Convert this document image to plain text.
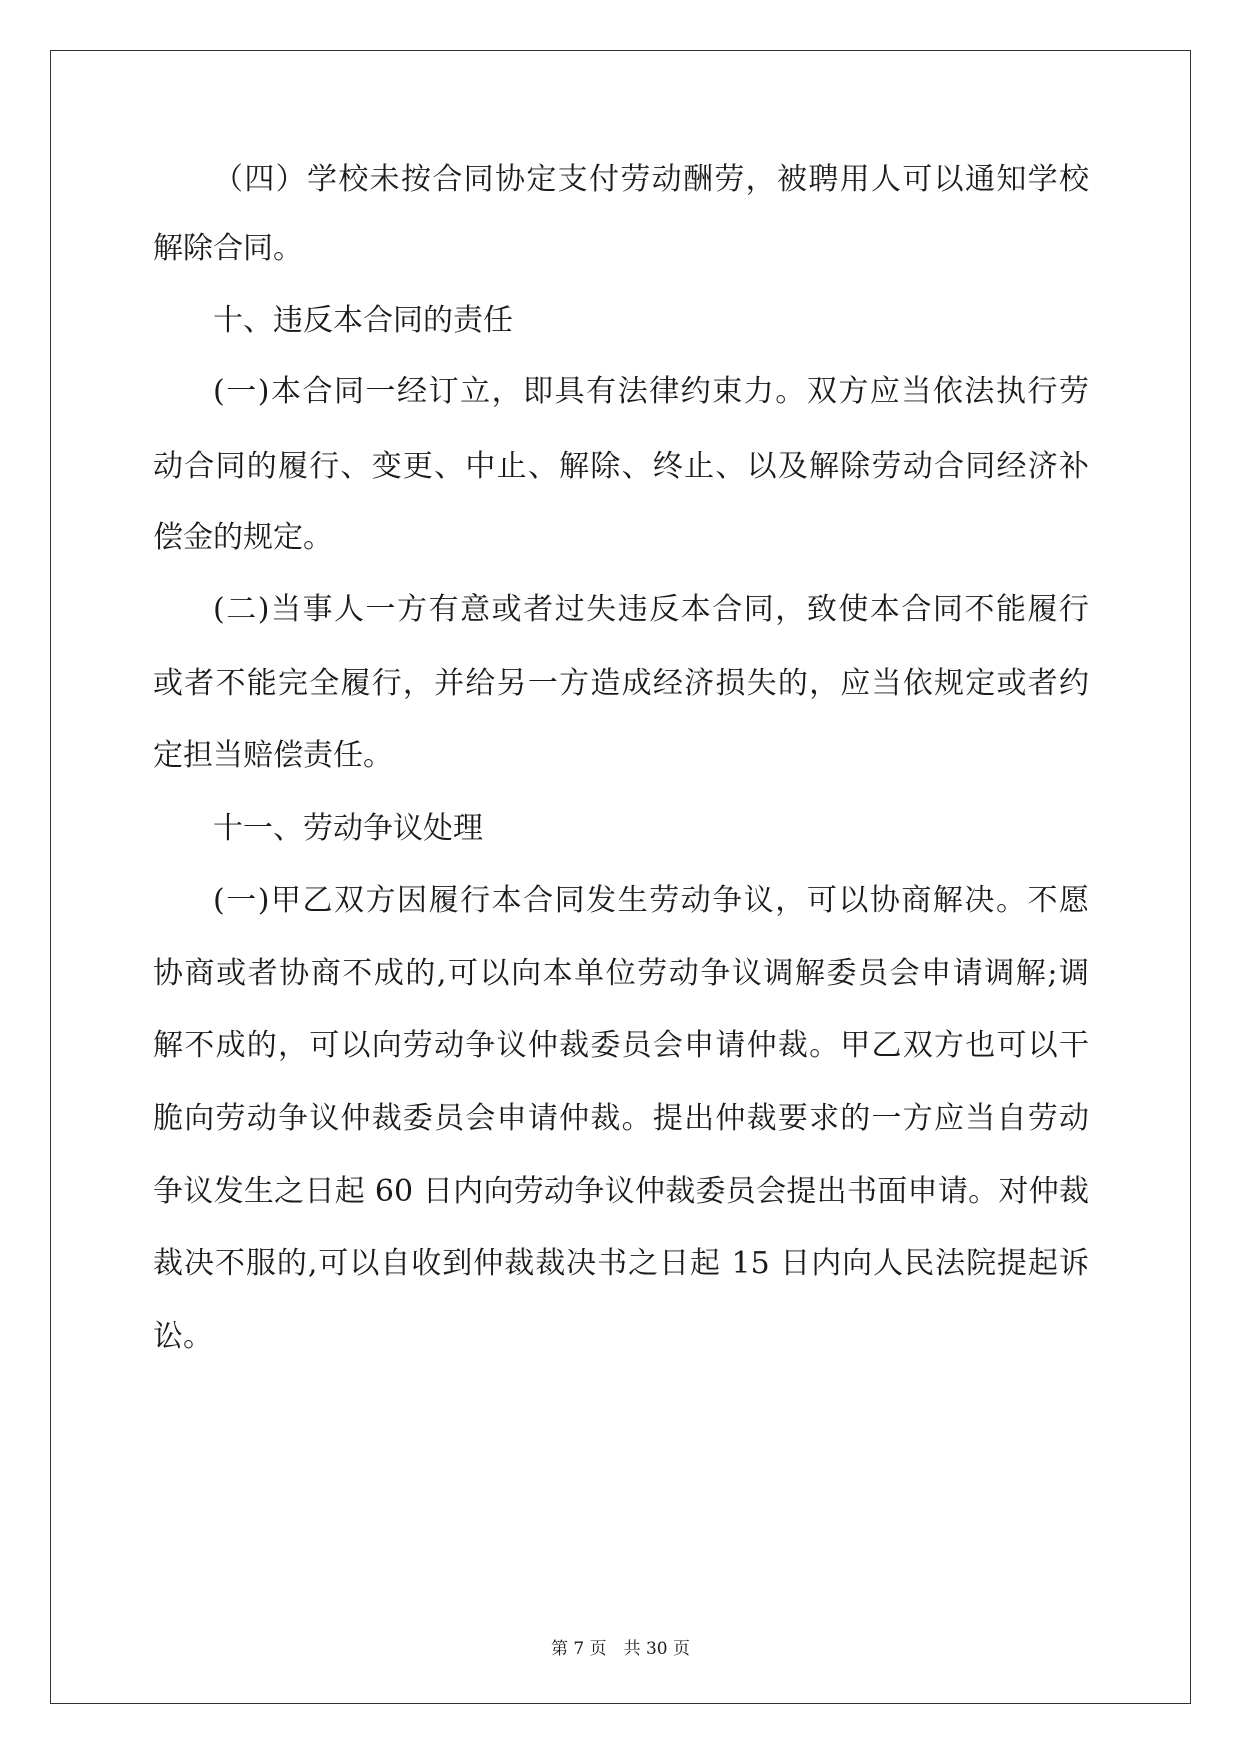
（四）学校未按合同协定支付劳动酬劳，被聘用人可以通知学校
解除合同。
十、违反本合同的责任
(一)本合同一经订立，即具有法律约束力。双方应当依法执行劳
动合同的履行、变更、中止、解除、终止、以及解除劳动合同经济补
偿金的规定。
(二)当事人一方有意或者过失违反本合同，致使本合同不能履行
或者不能完全履行，并给另一方造成经济损失的，应当依规定或者约
定担当赔偿责任。
十一、劳动争议处理
(一)甲乙双方因履行本合同发生劳动争议，可以协商解决。不愿
协商或者协商不成的,可以向本单位劳动争议调解委员会申请调解;调
解不成的，可以向劳动争议仲裁委员会申请仲裁。甲乙双方也可以干
脆向劳动争议仲裁委员会申请仲裁。提出仲裁要求的一方应当自劳动
争议发生之日起 60 日内向劳动争议仲裁委员会提出书面申请。对仲裁
裁决不服的,可以自收到仲裁裁决书之日起 15 日内向人民法院提起诉
讼。
第 7 页　共 30 页
